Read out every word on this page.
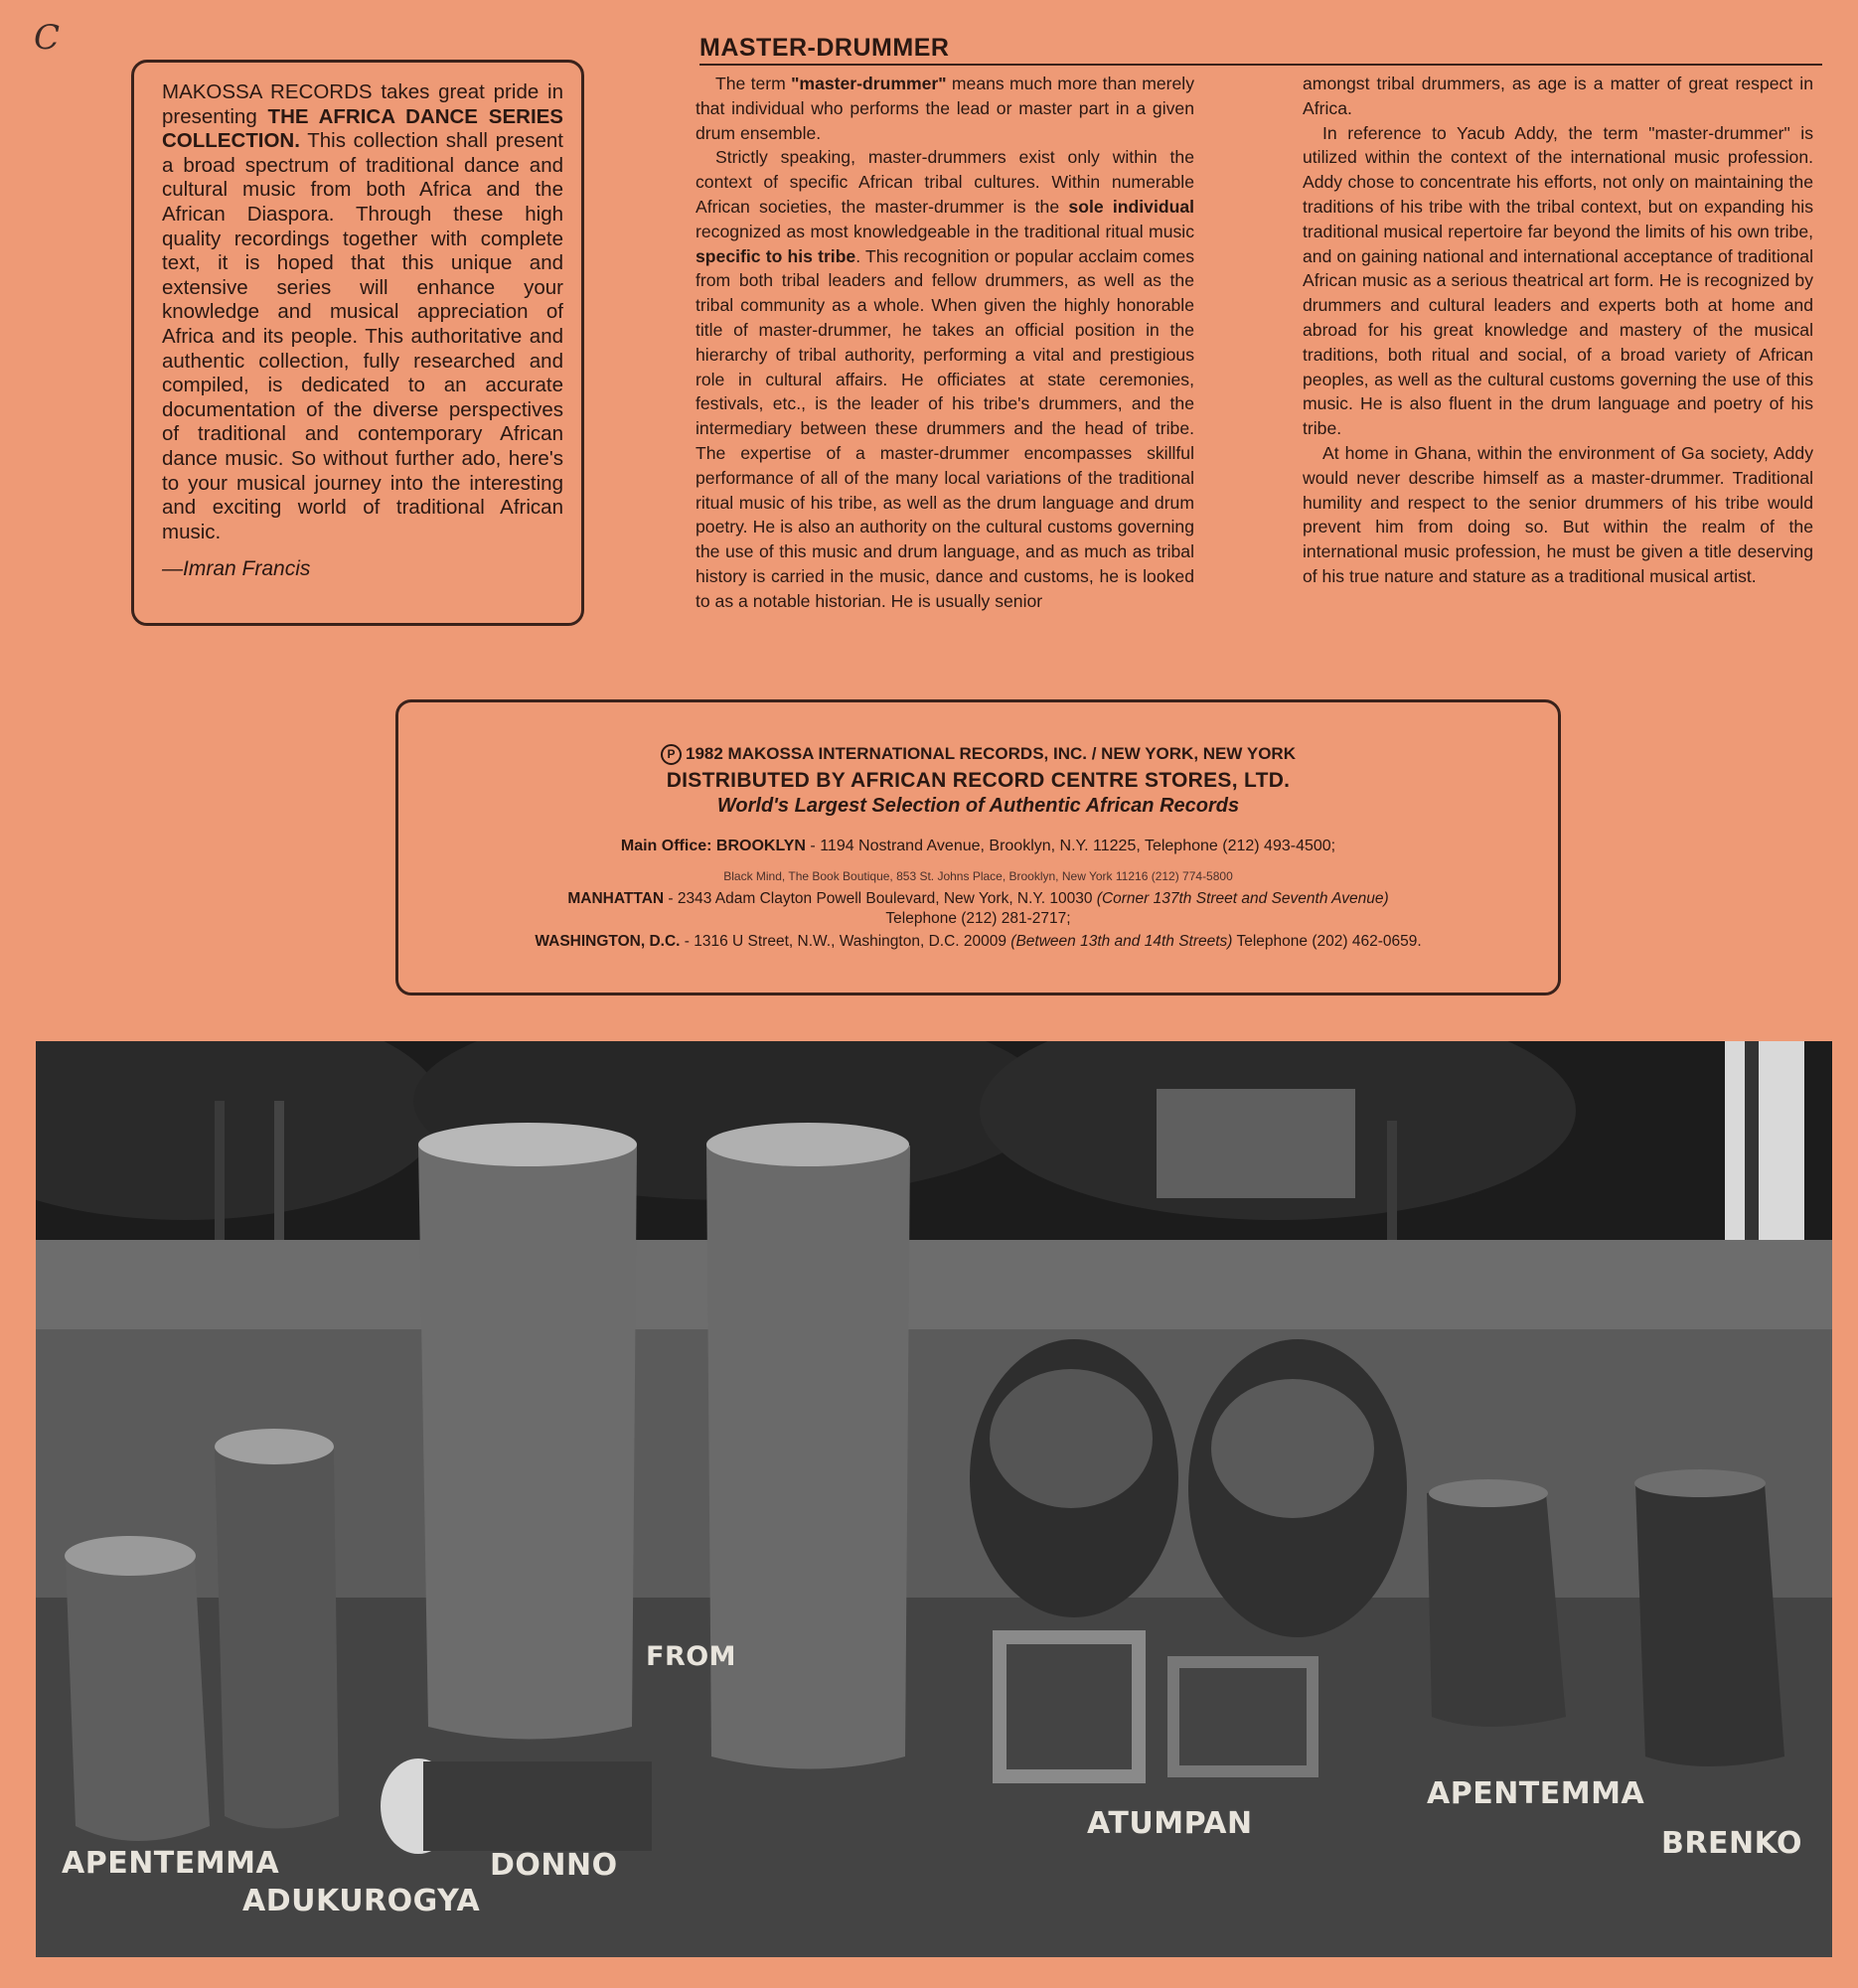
C

MAKOSSA RECORDS takes great pride in presenting THE AFRICA DANCE SERIES COLLECTION. This collection shall present a broad spectrum of traditional dance and cultural music from both Africa and the African Diaspora. Through these high quality recordings together with complete text, it is hoped that this unique and extensive series will enhance your knowledge and musical appreciation of Africa and its people. This authoritative and authentic collection, fully researched and compiled, is dedicated to an accurate documentation of the diverse perspectives of traditional and contemporary African dance music. So without further ado, here's to your musical journey into the interesting and exciting world of traditional African music.

—Imran Francis
MASTER-DRUMMER

The term "master-drummer" means much more than merely that individual who performs the lead or master part in a given drum ensemble.

Strictly speaking, master-drummers exist only within the context of specific African tribal cultures. Within numerable African societies, the master-drummer is the sole individual recognized as most knowledgeable in the traditional ritual music specific to his tribe. This recognition or popular acclaim comes from both tribal leaders and fellow drummers, as well as the tribal community as a whole. When given the highly honorable title of master-drummer, he takes an official position in the hierarchy of tribal authority, performing a vital and prestigious role in cultural affairs. He officiates at state ceremonies, festivals, etc., is the leader of his tribe's drummers, and the intermediary between these drummers and the head of tribe. The expertise of a master-drummer encompasses skillful performance of all of the many local variations of the traditional ritual music of his tribe, as well as the drum language and drum poetry. He is also an authority on the cultural customs governing the use of this music and drum language, and as much as tribal history is carried in the music, dance and customs, he is looked to as a notable historian. He is usually senior

amongst tribal drummers, as age is a matter of great respect in Africa.

In reference to Yacub Addy, the term "master-drummer" is utilized within the context of the international music profession. Addy chose to concentrate his efforts, not only on maintaining the traditions of his tribe with the tribal context, but on expanding his traditional musical repertoire far beyond the limits of his own tribe, and on gaining national and international acceptance of traditional African music as a serious theatrical art form. He is recognized by drummers and cultural leaders and experts both at home and abroad for his great knowledge and mastery of the musical traditions, both ritual and social, of a broad variety of African peoples, as well as the cultural customs governing the use of this music. He is also fluent in the drum language and poetry of his tribe.

At home in Ghana, within the environment of Ga society, Addy would never describe himself as a master-drummer. Traditional humility and respect to the senior drummers of his tribe would prevent him from doing so. But within the realm of the international music profession, he must be given a title deserving of his true nature and stature as a traditional musical artist.

P 1982 MAKOSSA INTERNATIONAL RECORDS, INC. / NEW YORK, NEW YORK
DISTRIBUTED BY AFRICAN RECORD CENTRE STORES, LTD.
World's Largest Selection of Authentic African Records
Main Office: BROOKLYN - 1194 Nostrand Avenue, Brooklyn, N.Y. 11225, Telephone (212) 493-4500;
Black Mind, The Book Boutique, 853 St. Johns Place, Brooklyn, New York 11216 (212) 774-5800
MANHATTAN - 2343 Adam Clayton Powell Boulevard, New York, N.Y. 10030 (Corner 137th Street and Seventh Avenue)
Telephone (212) 281-2717;
WASHINGTON, D.C. - 1316 U Street, N.W., Washington, D.C. 20009 (Between 13th and 14th Streets) Telephone (202) 462-0659.
FROM
APENTEMMA
ADUKUROGYA
DONNO
ATUMPAN
APENTEMMA
BRENKO
